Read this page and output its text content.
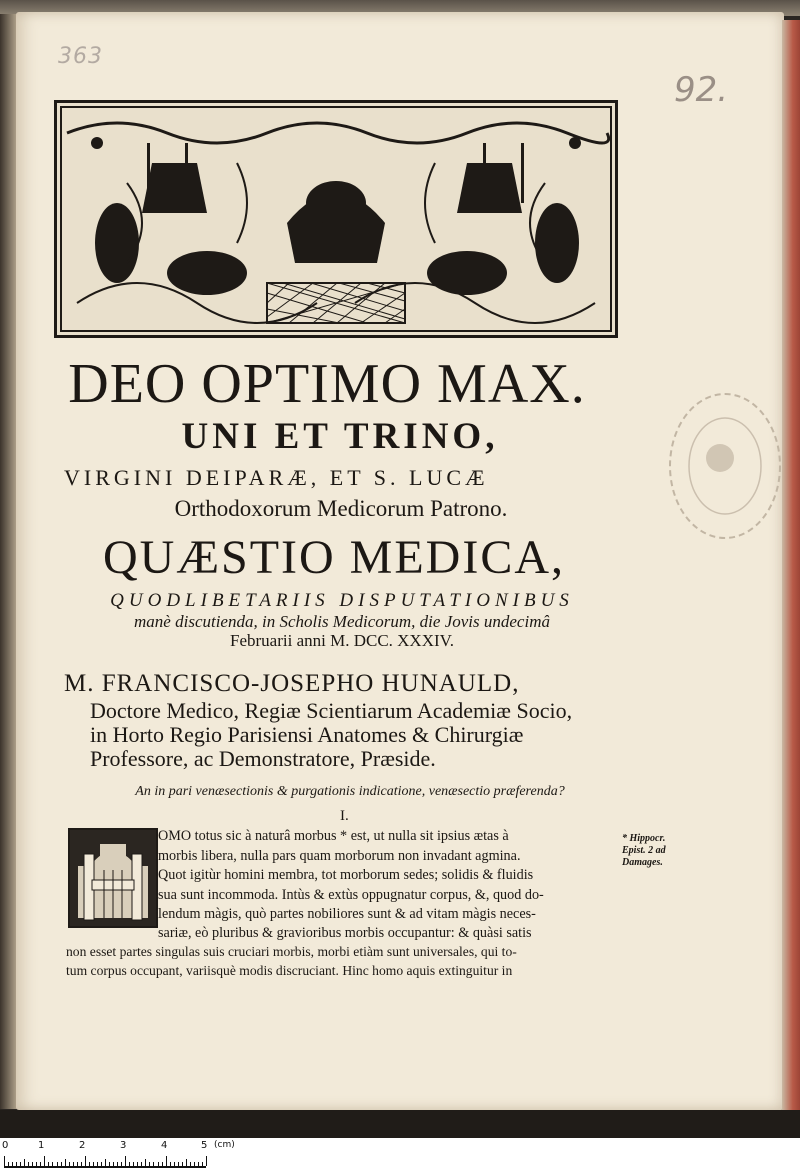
363
92.
DEO OPTIMO MAX.
UNI ET TRINO,
VIRGINI DEIPARÆ, ET S. LUCÆ
Orthodoxorum Medicorum Patrono.
QUÆSTIO MEDICA,
QUODLIBETARIIS DISPUTATIONIBUS
manè discutienda, in Scholis Medicorum, die Jovis undecimâ
Februarii anni M. DCC. XXXIV.
M. FRANCISCO-JOSEPHO HUNAULD,
Doctore Medico, Regiæ Scientiarum Academiæ Socio,
in Horto Regio Parisiensi Anatomes & Chirurgiæ
Professore, ac Demonstratore, Præside.
An in pari venæsectionis & purgationis indicatione, venæsectio præferenda?
I.
OMO totus sic à naturâ morbus * est, ut nulla sit ipsius ætas à
morbis libera, nulla pars quam morborum non invadant agmina.
Quot igitùr homini membra, tot morborum sedes; solidis & fluidis
sua sunt incommoda. Intùs & extùs oppugnatur corpus, &, quod do-
lendum màgis, quò partes nobiliores sunt & ad vitam màgis neces-
sariæ, eò pluribus & gravioribus morbis occupantur: & quàsi satis
non esset partes singulas suis cruciari morbis, morbi etiàm sunt universales, qui to-
tum corpus occupant, variisquè modis discruciant. Hinc homo aquis extinguitur in
* Hippocr.
Epist. 2 ad
Damages.
0	1	2	3	4	5 (cm)
